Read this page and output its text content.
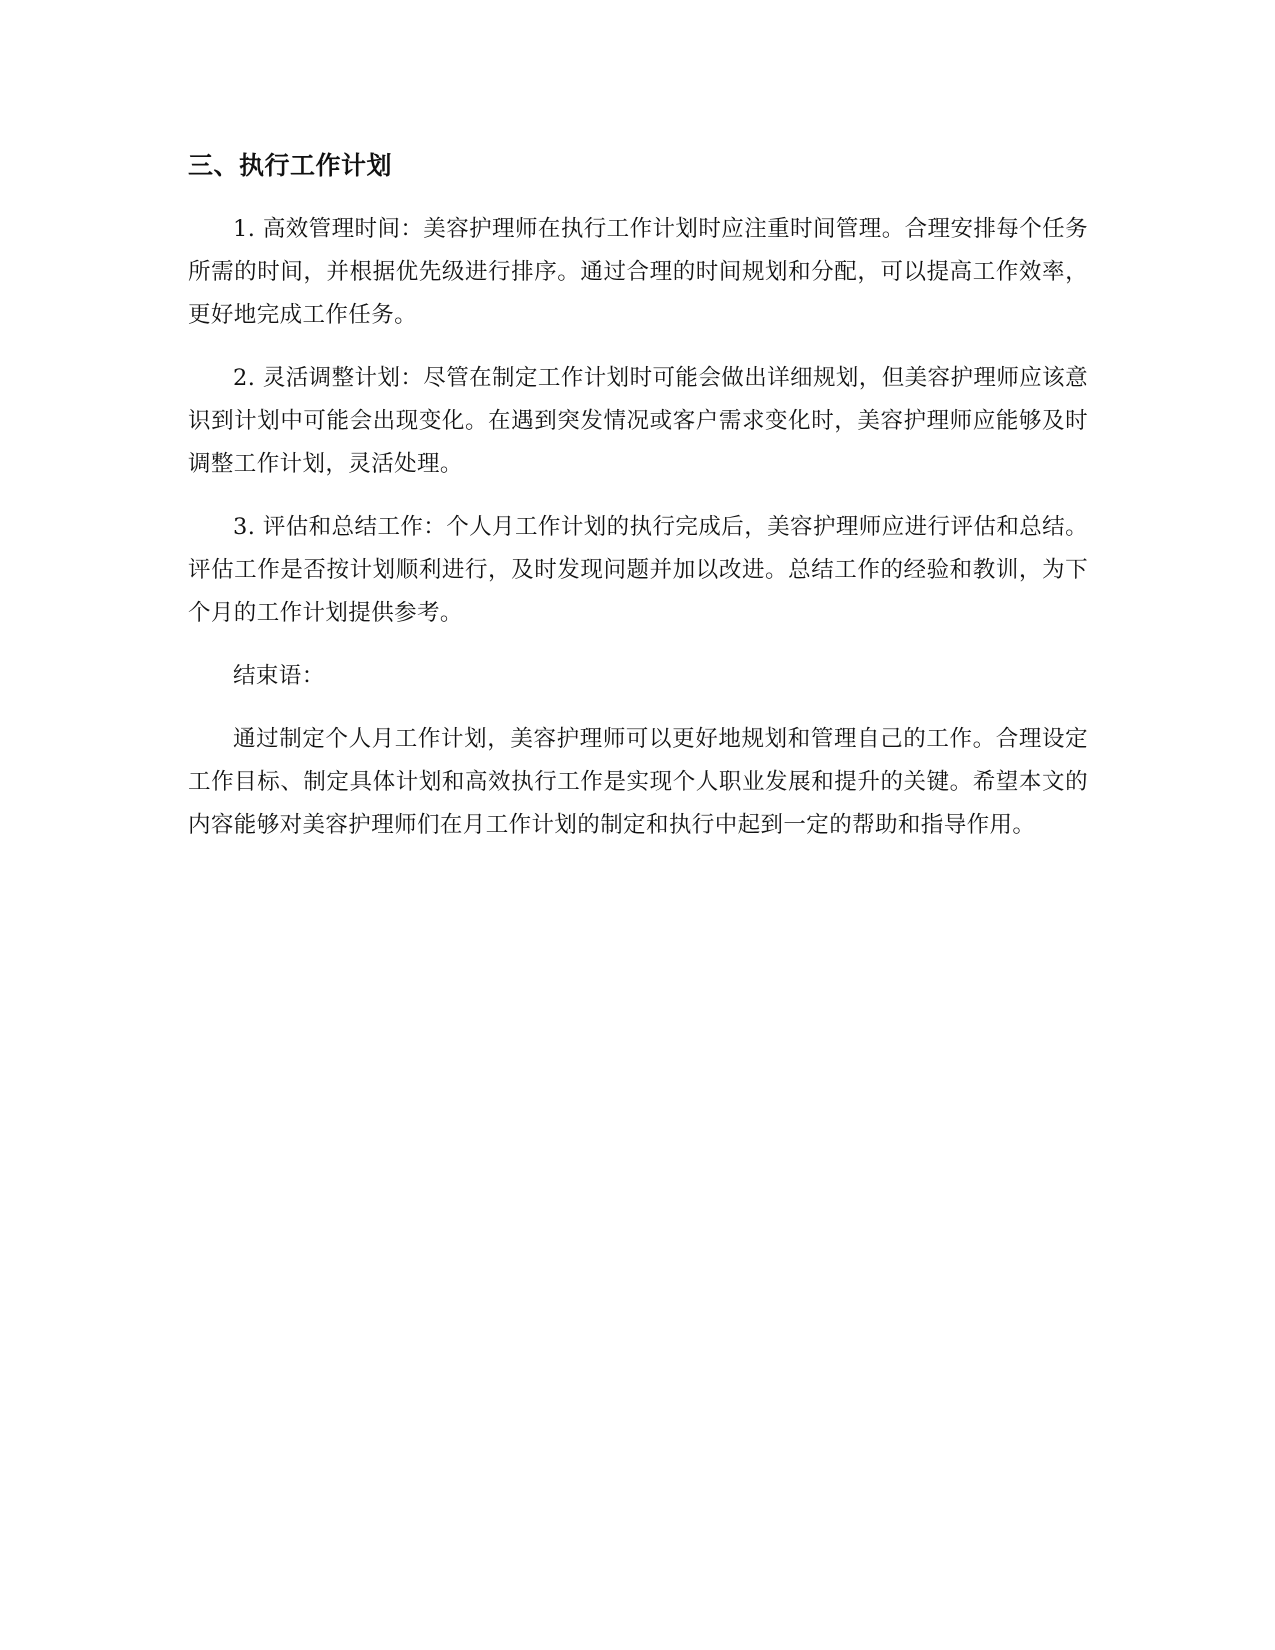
三、执行工作计划

1. 高效管理时间：美容护理师在执行工作计划时应注重时间管理。合理安排每个任务所需的时间，并根据优先级进行排序。通过合理的时间规划和分配，可以提高工作效率，更好地完成工作任务。

2. 灵活调整计划：尽管在制定工作计划时可能会做出详细规划，但美容护理师应该意识到计划中可能会出现变化。在遇到突发情况或客户需求变化时，美容护理师应能够及时调整工作计划，灵活处理。

3. 评估和总结工作：个人月工作计划的执行完成后，美容护理师应进行评估和总结。评估工作是否按计划顺利进行，及时发现问题并加以改进。总结工作的经验和教训，为下个月的工作计划提供参考。

结束语：

通过制定个人月工作计划，美容护理师可以更好地规划和管理自己的工作。合理设定工作目标、制定具体计划和高效执行工作是实现个人职业发展和提升的关键。希望本文的内容能够对美容护理师们在月工作计划的制定和执行中起到一定的帮助和指导作用。
